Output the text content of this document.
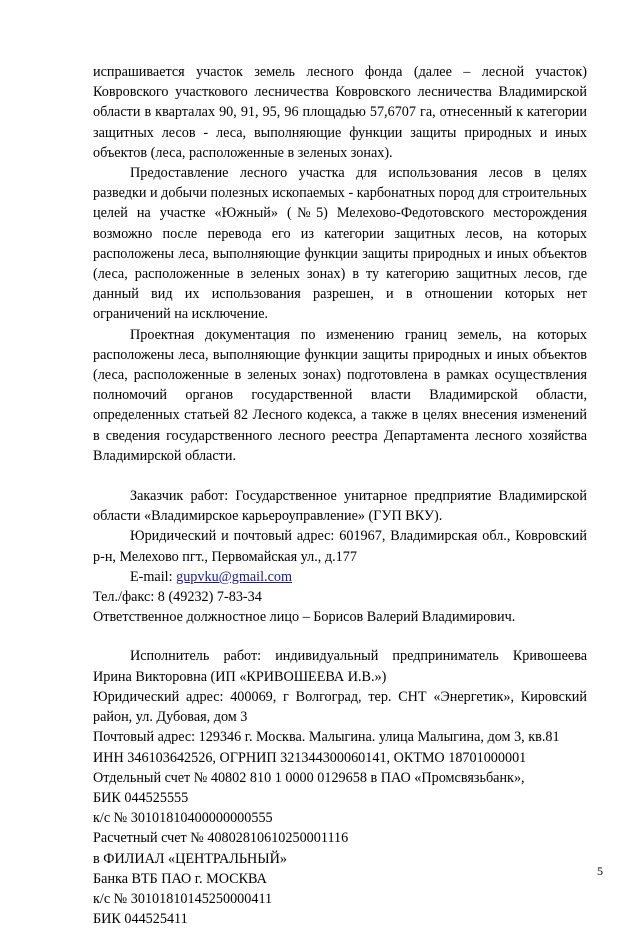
испрашивается участок земель лесного фонда (далее – лесной участок) Ковровского участкового лесничества Ковровского лесничества Владимирской области в кварталах 90, 91, 95, 96 площадью 57,6707 га, отнесенный к категории защитных лесов - леса, выполняющие функции защиты природных и иных объектов (леса, расположенные в зеленых зонах).

Предоставление лесного участка для использования лесов в целях разведки и добычи полезных ископаемых - карбонатных пород для строительных целей на участке «Южный» (№5) Мелехово-Федотовского месторождения возможно после перевода его из категории защитных лесов, на которых расположены леса, выполняющие функции защиты природных и иных объектов (леса, расположенные в зеленых зонах) в ту категорию защитных лесов, где данный вид их использования разрешен, и в отношении которых нет ограничений на исключение.

Проектная документация по изменению границ земель, на которых расположены леса, выполняющие функции защиты природных и иных объектов (леса, расположенные в зеленых зонах) подготовлена в рамках осуществления полномочий органов государственной власти Владимирской области, определенных статьей 82 Лесного кодекса, а также в целях внесения изменений в сведения государственного лесного реестра Департамента лесного хозяйства Владимирской области.

Заказчик работ: Государственное унитарное предприятие Владимирской области «Владимирское карьероуправление» (ГУП ВКУ).

Юридический и почтовый адрес: 601967, Владимирская обл., Ковровский р-н, Мелехово пгт., Первомайская ул., д.177

E-mail: gupvku@gmail.com

Тел./факс: 8 (49232) 7-83-34

Ответственное должностное лицо – Борисов Валерий Владимирович.

Исполнитель работ: индивидуальный предприниматель Кривошеева Ирина Викторовна (ИП «КРИВОШЕЕВА И.В.»)

Юридический адрес: 400069, г Волгоград, тер. СНТ «Энергетик», Кировский район, ул. Дубовая, дом 3

Почтовый адрес: 129346 г. Москва. Малыгина. улица Малыгина, дом 3, кв.81

ИНН 346103642526, ОГРНИП 321344300060141, ОКТМО 18701000001

Отдельный счет № 40802 810 1 0000 0129658 в ПАО «Промсвязьбанк»,

БИК 044525555

к/с № 30101810400000000555

Расчетный счет № 40802810610250001116

в ФИЛИАЛ «ЦЕНТРАЛЬНЫЙ»

Банка ВТБ ПАО г. МОСКВА

к/с № 30101810145250000411

БИК 044525411

5
